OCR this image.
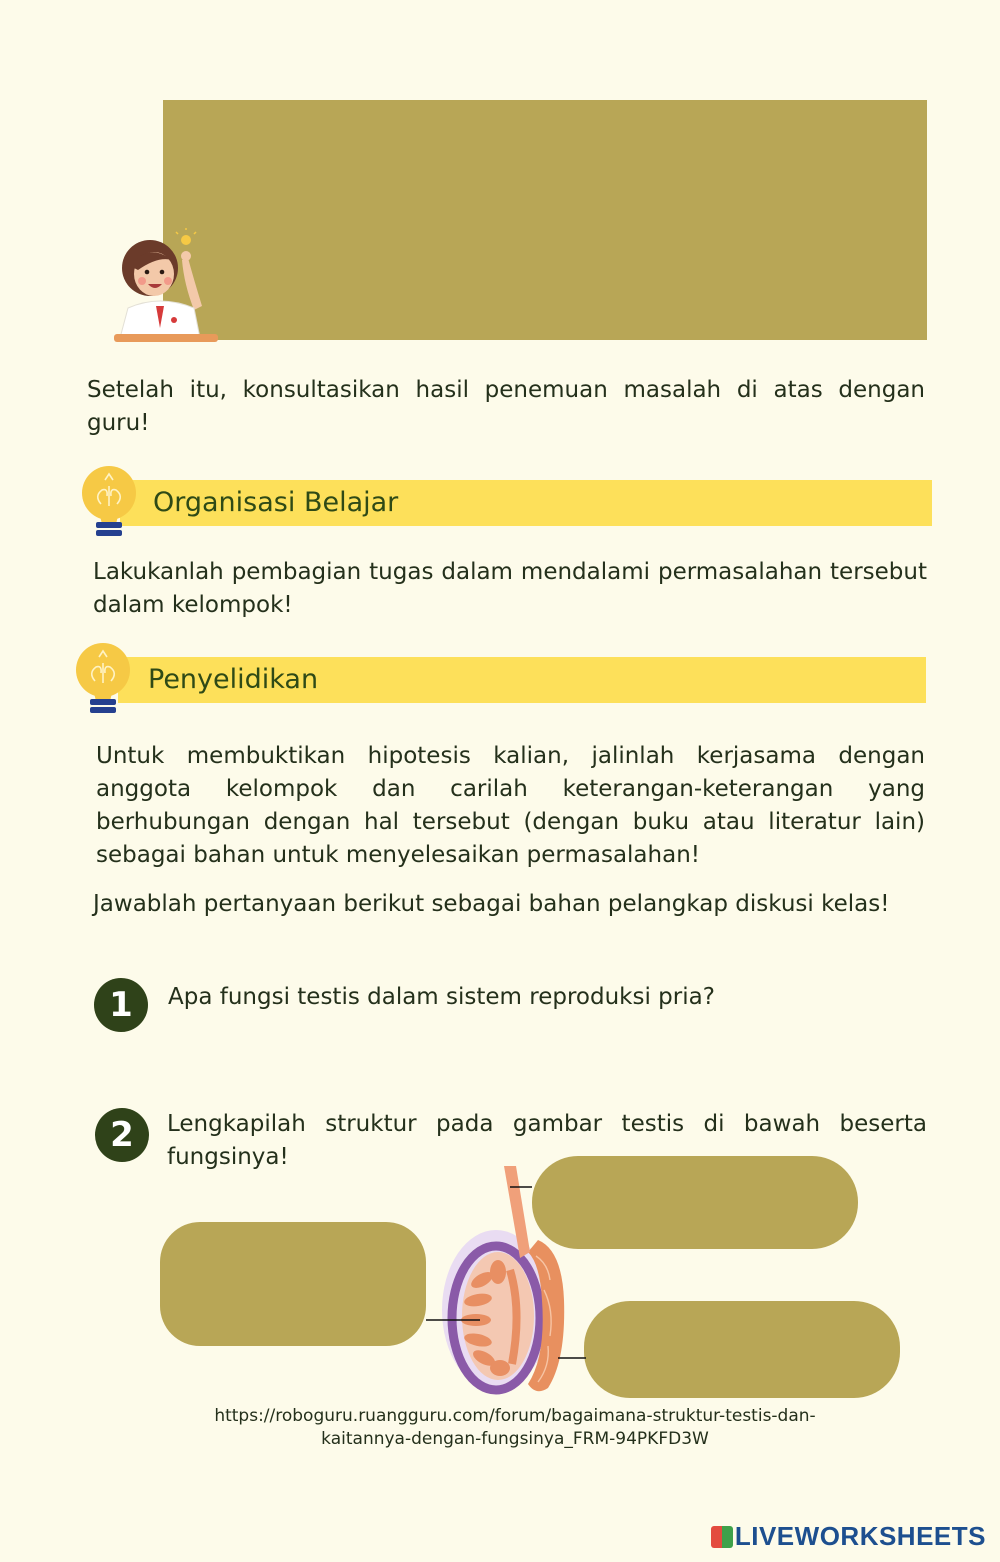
Setelah itu, konsultasikan hasil penemuan masalah di atas dengan guru!
Organisasi Belajar
Lakukanlah pembagian tugas dalam mendalami permasalahan tersebut dalam kelompok!
Penyelidikan
Untuk membuktikan hipotesis kalian, jalinlah kerjasama dengan anggota kelompok dan carilah keterangan-keterangan yang berhubungan dengan hal tersebut (dengan buku atau literatur lain) sebagai bahan untuk menyelesaikan permasalahan!
Jawablah pertanyaan berikut sebagai bahan pelangkap diskusi kelas!
1	Apa fungsi testis dalam sistem reproduksi pria?
2	Lengkapilah struktur pada gambar testis di bawah beserta fungsinya!
https://roboguru.ruangguru.com/forum/bagaimana-struktur-testis-dan-
kaitannya-dengan-fungsinya_FRM-94PKFD3W
LIVEWORKSHEETS
